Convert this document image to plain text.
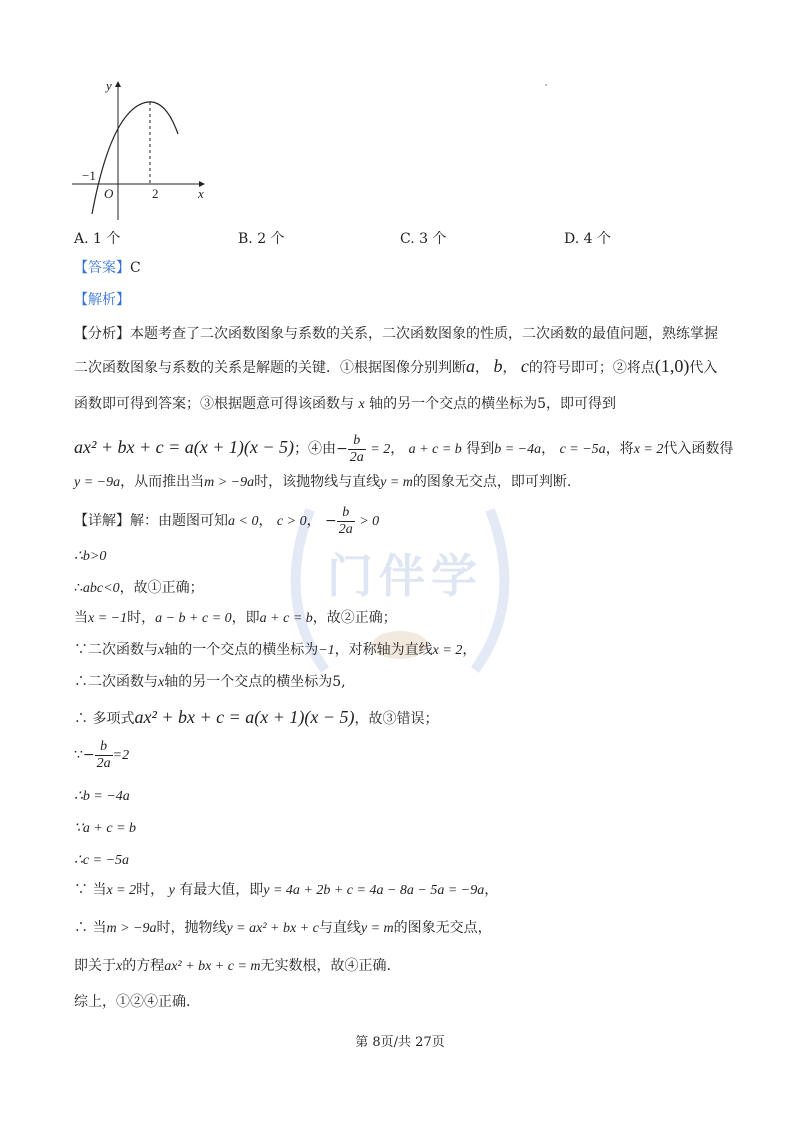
门伴学
y
x
O
−1
2
A. 1 个	B. 2 个	C. 3 个	D. 4 个
【答案】C
【解析】
【分析】本题考查了二次函数图象与系数的关系，二次函数图象的性质，二次函数的最值问题，熟练掌握
二次函数图象与系数的关系是解题的关键．①根据图像分别判断a， b， c的符号即可；②将点(1,0)代入
函数即可得到答案；③根据题意可得该函数与 x 轴的另一个交点的横坐标为5，即可得到
ax² + bx + c = a(x + 1)(x − 5)；④由− $\frac{b}{2a} = 2$， a + c = b 得到b = −4a， c = −5a，将x = 2代入函数得
y = −9a，从而推出当m > −9a时，该抛物线与直线y = m的图象无交点，即可判断.
【详解】解：由题图可知a < 0， c > 0， − $\frac{b}{2a} > 0$
∴b>0
∴abc<0，故①正确；
当x = −1时，a − b + c = 0，即a + c = b，故②正确；
∵二次函数与x轴的一个交点的横坐标为−1，对称轴为直线x = 2，
∴二次函数与x轴的另一个交点的横坐标为5,
∴ 多项式ax² + bx + c = a(x + 1)(x − 5)，故③错误；
∵− $\frac{b}{2a} =2$
∴b = −4a
∵a + c = b
∴c = −5a
∵ 当x = 2时， y 有最大值，即y = 4a + 2b + c = 4a − 8a − 5a = −9a，
∴ 当m > −9a时，抛物线y = ax² + bx + c与直线y = m的图象无交点，
即关于x的方程ax² + bx + c = m无实数根，故④正确.
综上，①②④正确.
第 8页/共 27页
